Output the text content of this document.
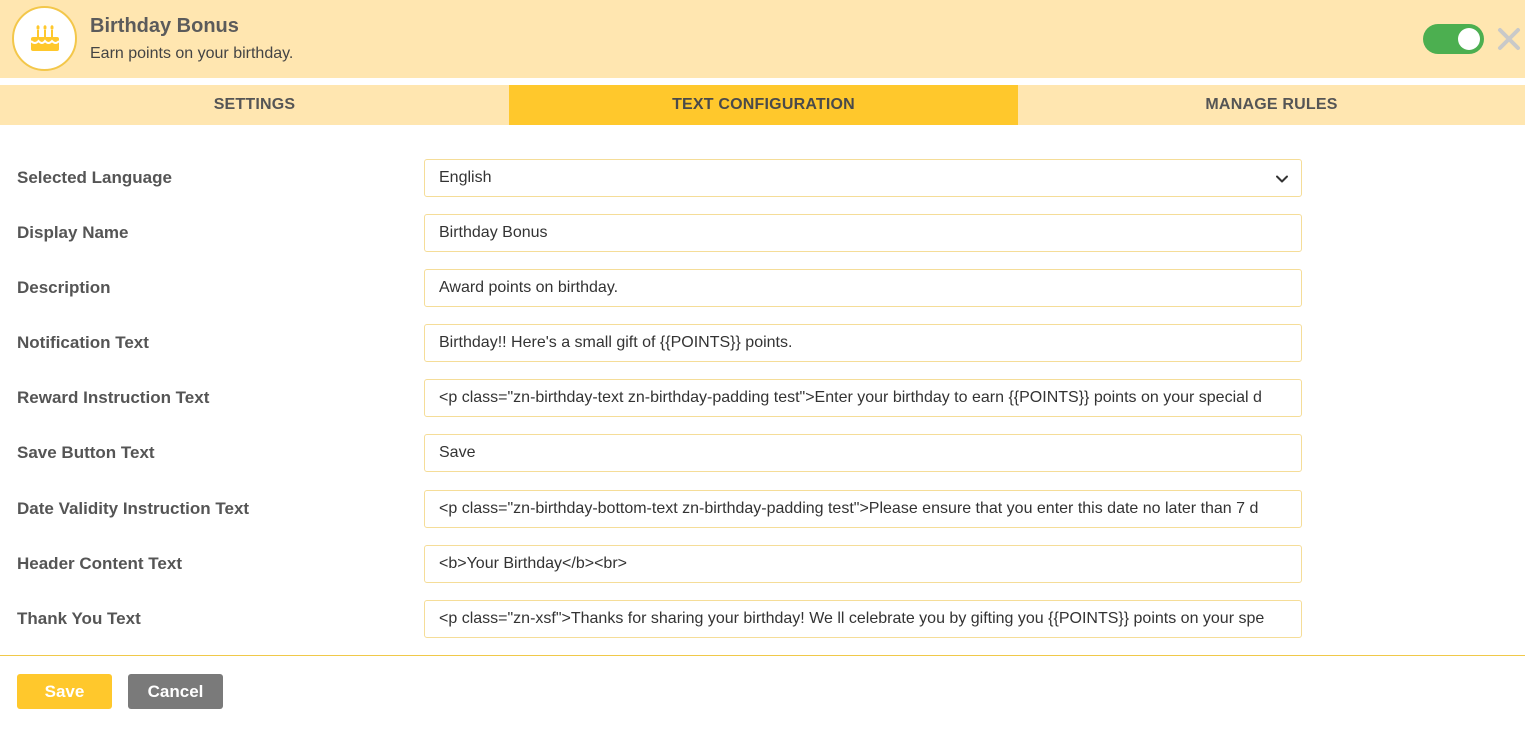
Birthday Bonus
Earn points on your birthday.
SETTINGS	TEXT CONFIGURATION	MANAGE RULES
Selected Language	English
Display Name	Birthday Bonus
Description	Award points on birthday.
Notification Text	Birthday!! Here's a small gift of {{POINTS}} points.
Reward Instruction Text	<p class="zn-birthday-text zn-birthday-padding test">Enter your birthday to earn {{POINTS}} points on your special d
Save Button Text	Save
Date Validity Instruction Text	<p class="zn-birthday-bottom-text zn-birthday-padding test">Please ensure that you enter this date no later than 7 d
Header Content Text	<b>Your Birthday</b><br>
Thank You Text	<p class="zn-xsf">Thanks for sharing your birthday! We ll celebrate you by gifting you {{POINTS}} points on your spe
Save	Cancel
